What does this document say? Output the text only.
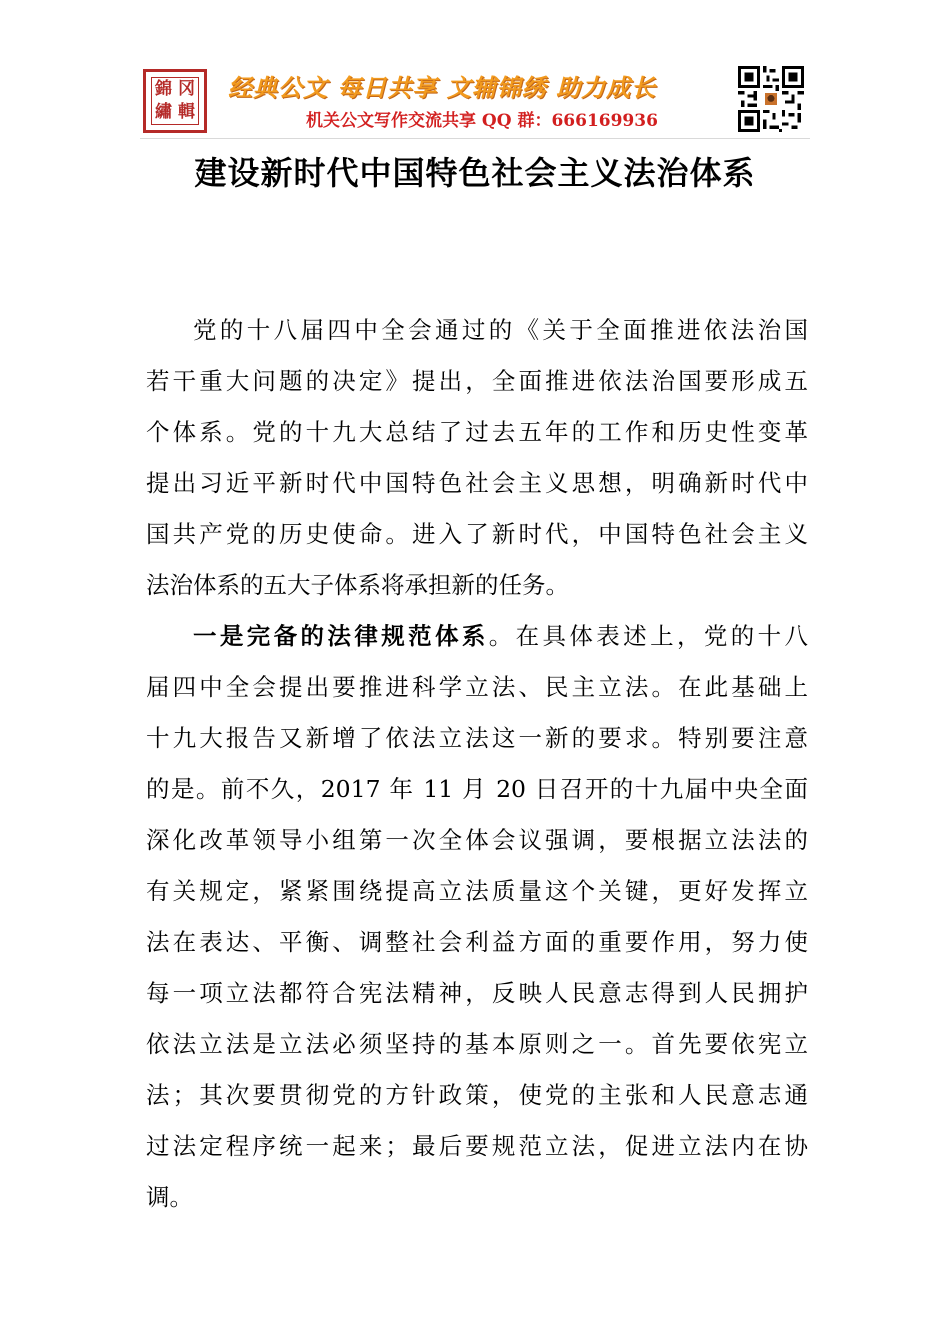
錦 冈
繡 輯
经典公文 每日共享 文辅锦绣 助力成长
机关公文写作交流共享 QQ 群：666169936
建设新时代中国特色社会主义法治体系
党的十八届四中全会通过的《关于全面推进依法治国
若干重大问题的决定》提出，全面推进依法治国要形成五
个体系。党的十九大总结了过去五年的工作和历史性变革
提出习近平新时代中国特色社会主义思想，明确新时代中
国共产党的历史使命。进入了新时代，中国特色社会主义
法治体系的五大子体系将承担新的任务。
一是完备的法律规范体系。在具体表述上，党的十八
届四中全会提出要推进科学立法、民主立法。在此基础上
十九大报告又新增了依法立法这一新的要求。特别要注意
的是。前不久，2017 年 11 月 20 日召开的十九届中央全面
深化改革领导小组第一次全体会议强调，要根据立法法的
有关规定，紧紧围绕提高立法质量这个关键，更好发挥立
法在表达、平衡、调整社会利益方面的重要作用，努力使
每一项立法都符合宪法精神，反映人民意志得到人民拥护
依法立法是立法必须坚持的基本原则之一。首先要依宪立
法；其次要贯彻党的方针政策，使党的主张和人民意志通
过法定程序统一起来；最后要规范立法，促进立法内在协
调。
